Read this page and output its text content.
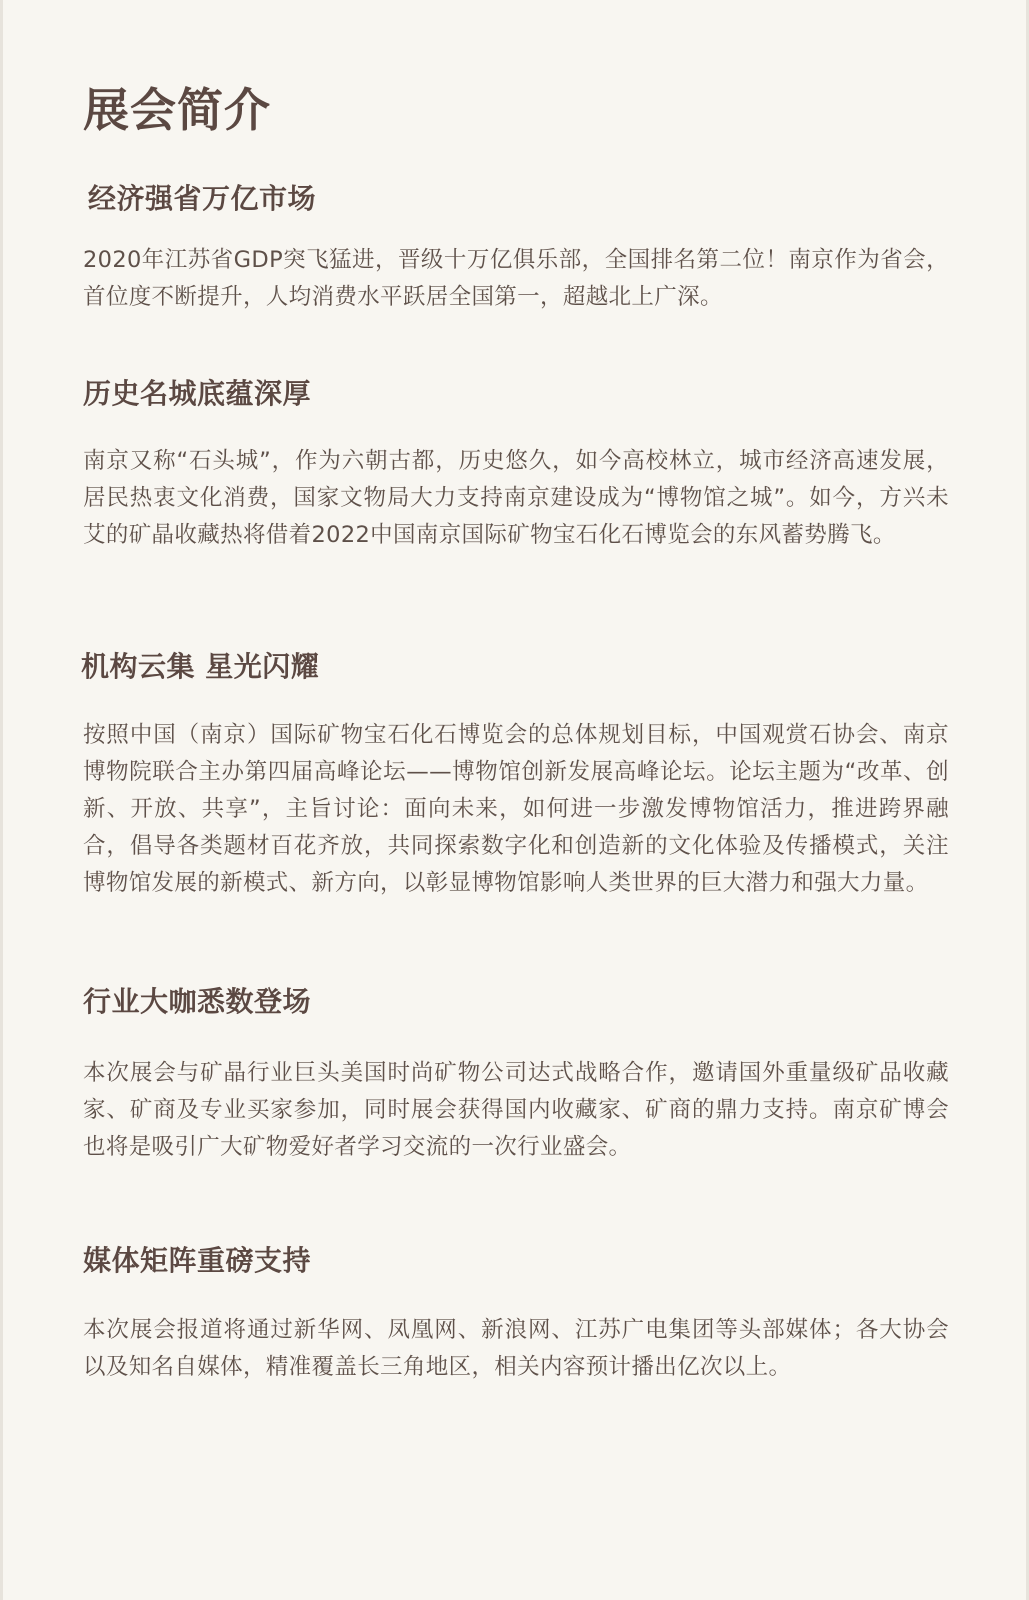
展会简介
经济强省万亿市场

2020年江苏省GDP突飞猛进，晋级十万亿俱乐部，全国排名第二位！南京作为省会，首位度不断提升，人均消费水平跃居全国第一，超越北上广深。

历史名城底蕴深厚

南京又称“石头城”，作为六朝古都，历史悠久，如今高校林立，城市经济高速发展，居民热衷文化消费，国家文物局大力支持南京建设成为“博物馆之城”。如今，方兴未艾的矿晶收藏热将借着2022中国南京国际矿物宝石化石博览会的东风蓄势腾飞。

机构云集 星光闪耀

按照中国（南京）国际矿物宝石化石博览会的总体规划目标，中国观赏石协会、南京博物院联合主办第四届高峰论坛——博物馆创新发展高峰论坛。论坛主题为“改革、创新、开放、共享”，主旨讨论：面向未来，如何进一步激发博物馆活力，推进跨界融合，倡导各类题材百花齐放，共同探索数字化和创造新的文化体验及传播模式，关注博物馆发展的新模式、新方向，以彰显博物馆影响人类世界的巨大潜力和强大力量。

行业大咖悉数登场

本次展会与矿晶行业巨头美国时尚矿物公司达式战略合作，邀请国外重量级矿品收藏家、矿商及专业买家参加，同时展会获得国内收藏家、矿商的鼎力支持。南京矿博会也将是吸引广大矿物爱好者学习交流的一次行业盛会。

媒体矩阵重磅支持

本次展会报道将通过新华网、凤凰网、新浪网、江苏广电集团等头部媒体；各大协会以及知名自媒体，精准覆盖长三角地区，相关内容预计播出亿次以上。
